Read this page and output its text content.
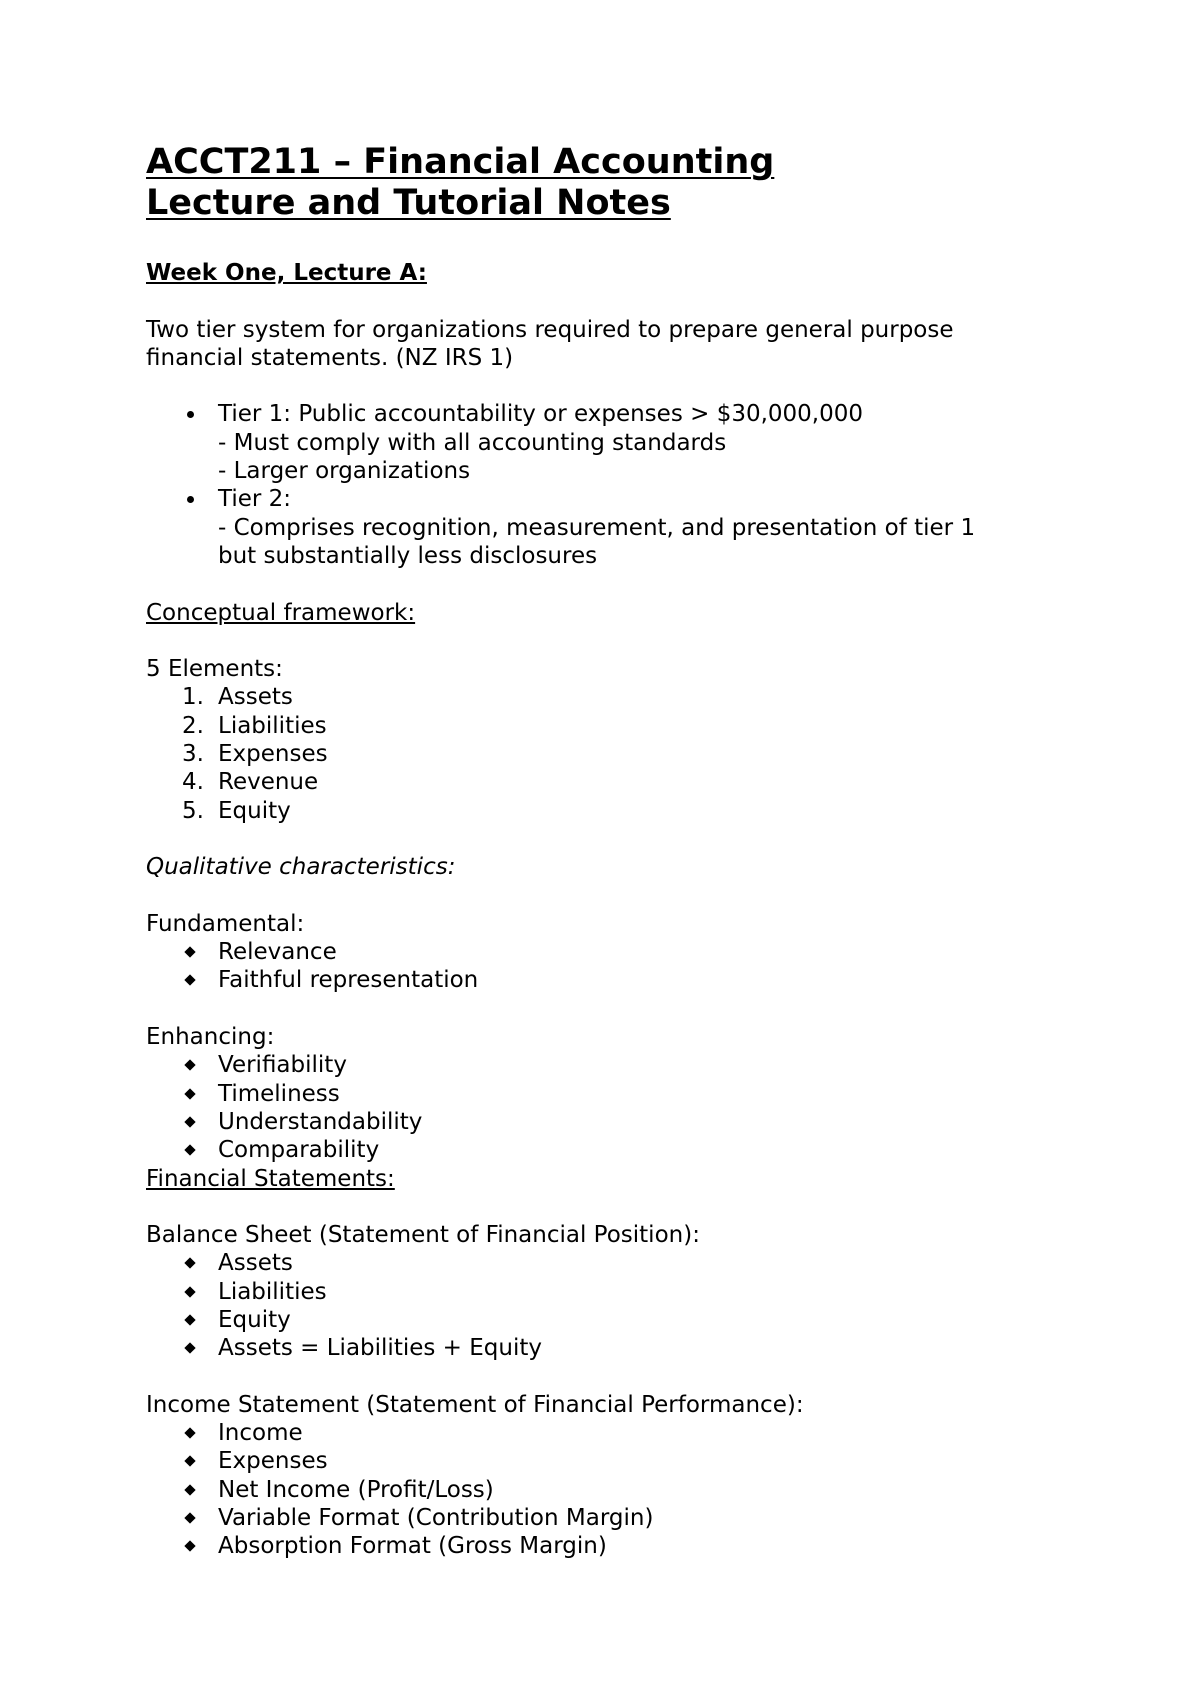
ACCT211 – Financial Accounting

Lecture and Tutorial Notes

Week One, Lecture A:

Two tier system for organizations required to prepare general purpose

financial statements. (NZ IRS 1)

Tier 1: Public accountability or expenses > $30,000,000
- Must comply with all accounting standards
- Larger organizations
Tier 2:
- Comprises recognition, measurement, and presentation of tier 1
but substantially less disclosures

Conceptual framework:

5 Elements:

1. Assets
2. Liabilities
3. Expenses
4. Revenue
5. Equity

Qualitative characteristics:

Fundamental:

Relevance
Faithful representation

Enhancing:

Verifiability
Timeliness
Understandability
Comparability

Financial Statements:

Balance Sheet (Statement of Financial Position):

Assets
Liabilities
Equity
Assets = Liabilities + Equity

Income Statement (Statement of Financial Performance):

Income
Expenses
Net Income (Profit/Loss)
Variable Format (Contribution Margin)
Absorption Format (Gross Margin)
